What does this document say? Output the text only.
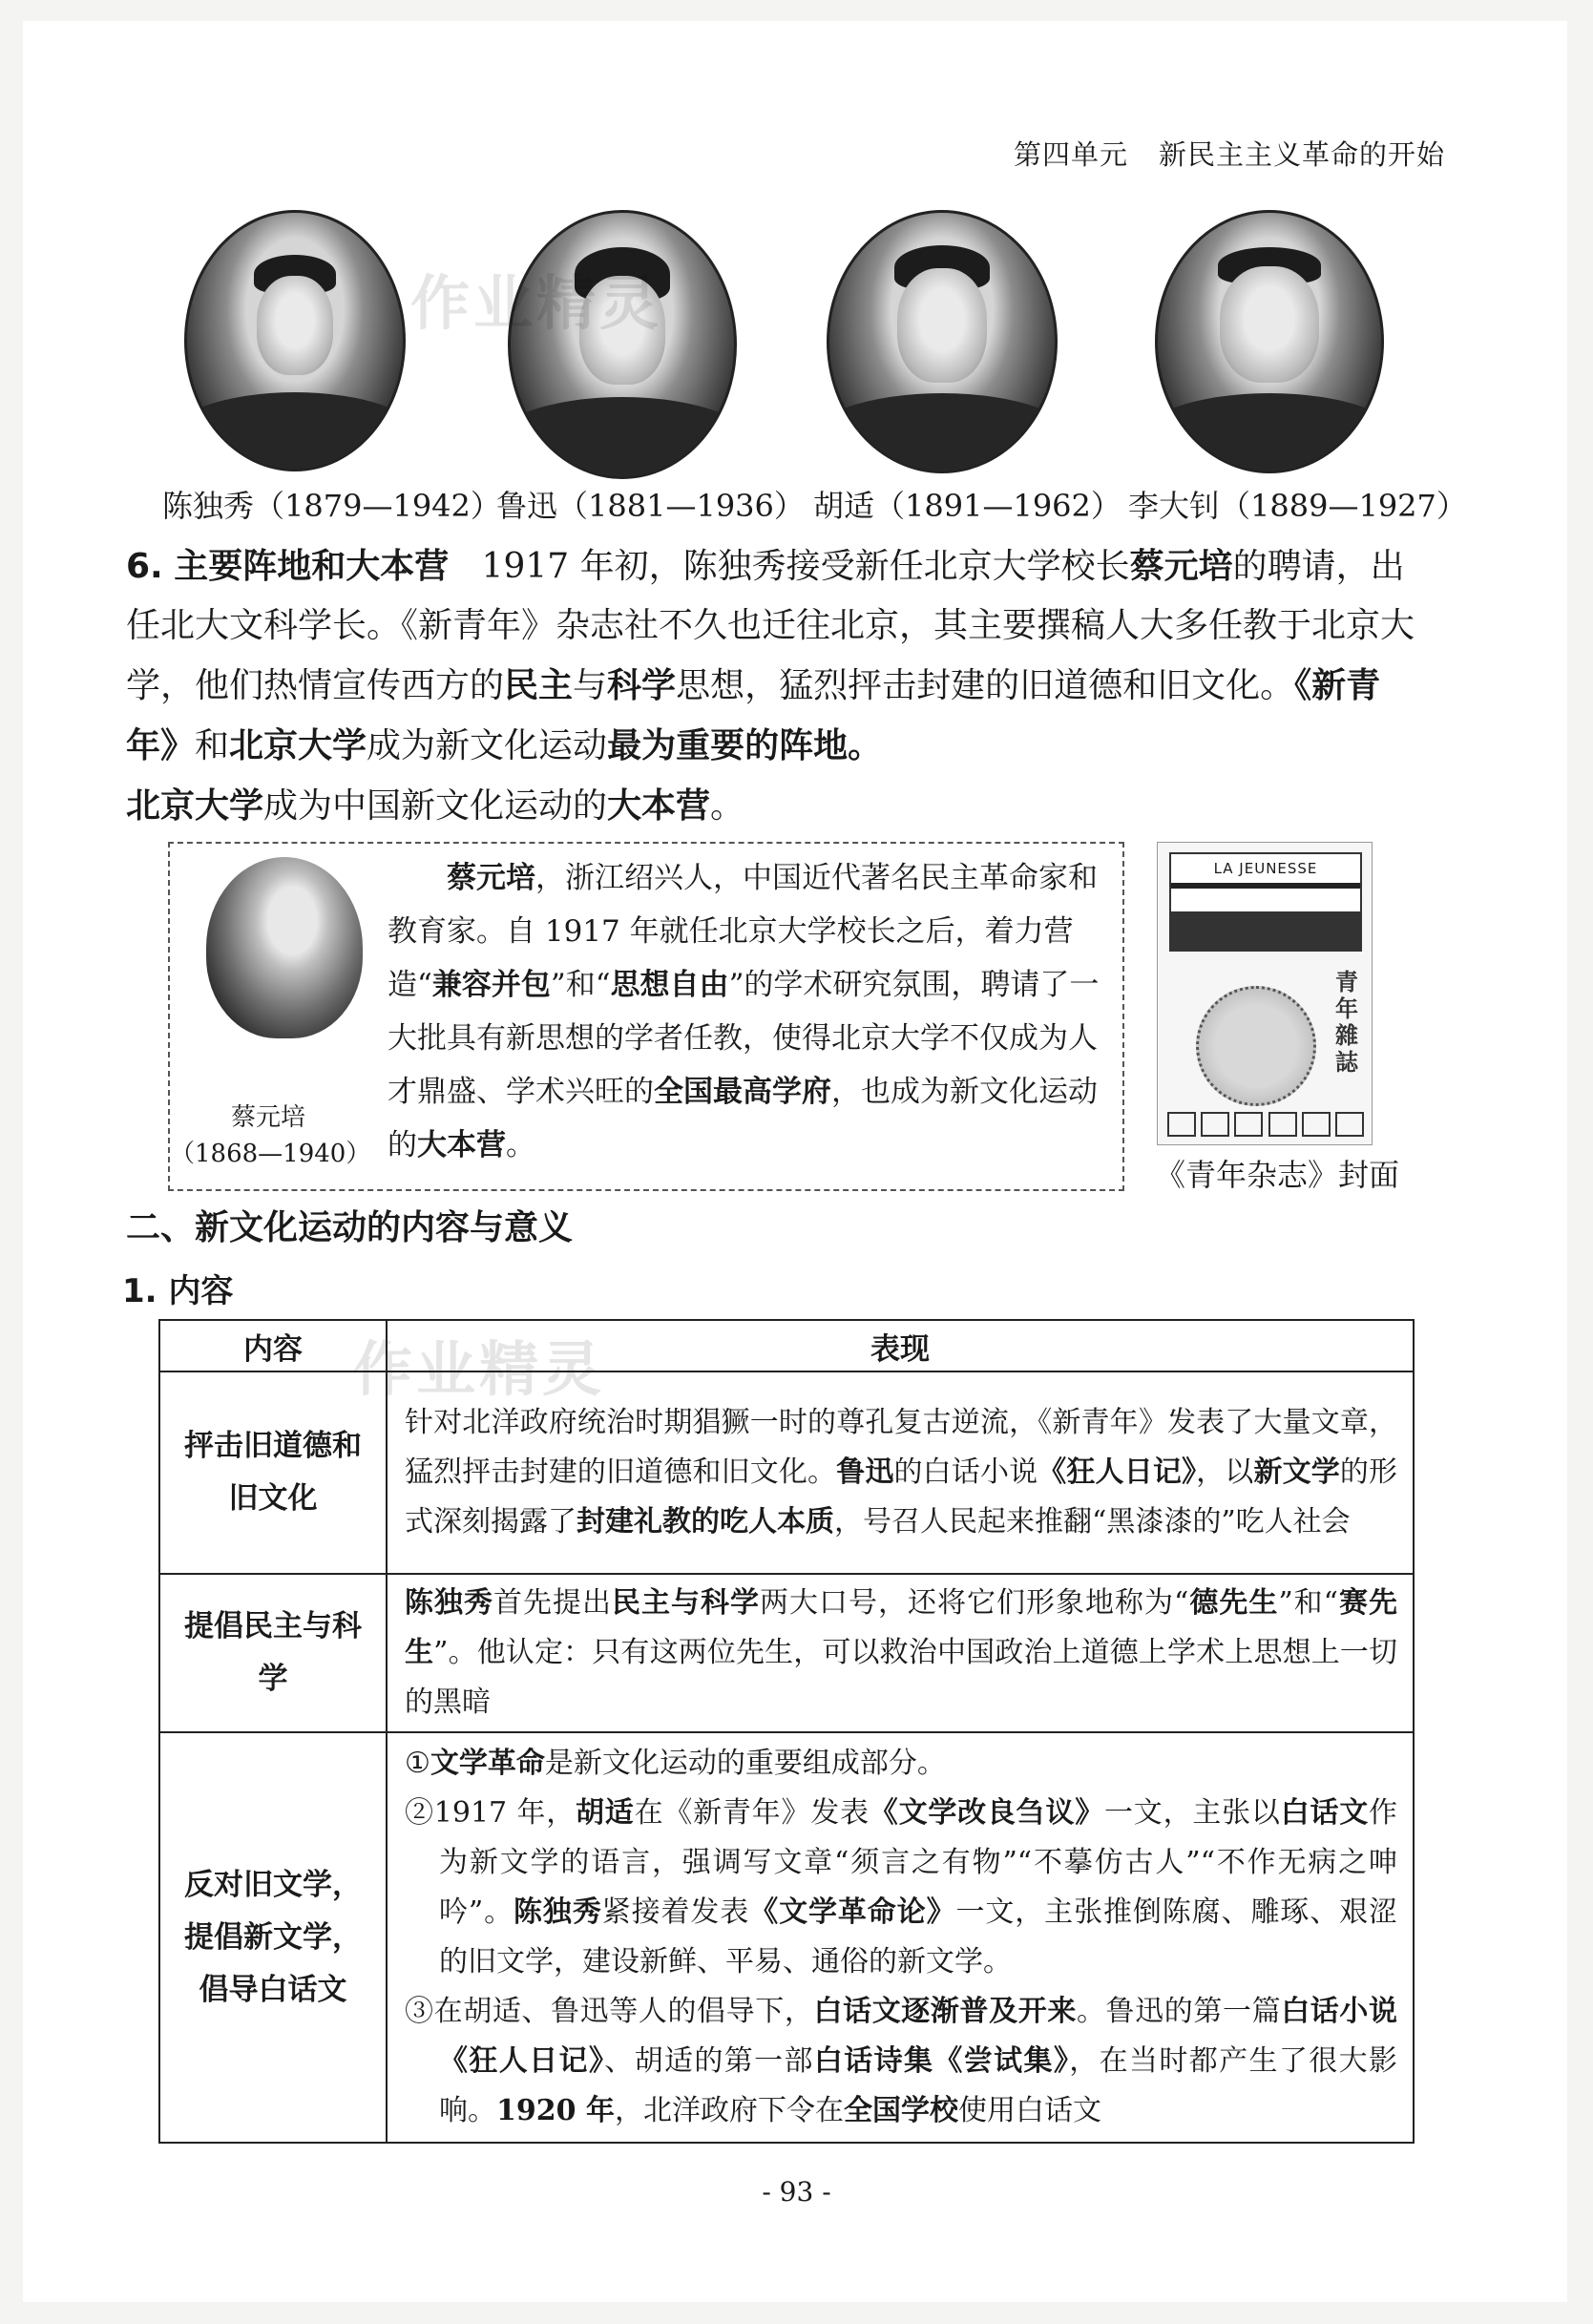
第四单元 新民主主义革命的开始
陈独秀（1879—1942）
鲁迅（1881—1936） 胡适（1891—1962） 李大钊（1889—1927）
作业精灵

6. 主要阵地和大本营 1917 年初，陈独秀接受新任北京大学校长蔡元培的聘请，出任北大文科学长。《新青年》杂志社不久也迁往北京，其主要撰稿人大多任教于北京大学，他们热情宣传西方的民主与科学思想，猛烈抨击封建的旧道德和旧文化。《新青年》和北京大学成为新文化运动最为重要的阵地。

北京大学成为中国新文化运动的大本营。

蔡元培
（1868—1940）
  蔡元培，浙江绍兴人，中国近代著名民主革命家和教育家。自 1917 年就任北京大学校长之后，着力营造“兼容并包”和“思想自由”的学术研究氛围，聘请了一大批具有新思想的学者任教，使得北京大学不仅成为人才鼎盛、学术兴旺的全国最高学府，也成为新文化运动的大本营。
LA JEUNESSE
青年雜誌
《青年杂志》封面
二、新文化运动的内容与意义
1. 内容
作业精灵
内容	表现
抨击旧道德和旧文化	针对北洋政府统治时期猖獗一时的尊孔复古逆流，《新青年》发表了大量文章，猛烈抨击封建的旧道德和旧文化。鲁迅的白话小说《狂人日记》，以新文学的形式深刻揭露了封建礼教的吃人本质，号召人民起来推翻“黑漆漆的”吃人社会

提倡民主与科学	陈独秀首先提出民主与科学两大口号，还将它们形象地称为“德先生”和“赛先生”。他认定：只有这两位先生，可以救治中国政治上道德上学术上思想上一切的黑暗

反对旧文学，提倡新文学，倡导白话文	①文学革命是新文化运动的重要组成部分。

②1917 年，胡适在《新青年》发表《文学改良刍议》一文，主张以白话文作为新文学的语言，强调写文章“须言之有物”“不摹仿古人”“不作无病之呻吟”。陈独秀紧接着发表《文学革命论》一文，主张推倒陈腐、雕琢、艰涩的旧文学，建设新鲜、平易、通俗的新文学。

③在胡适、鲁迅等人的倡导下，白话文逐渐普及开来。鲁迅的第一篇白话小说《狂人日记》、胡适的第一部白话诗集《尝试集》，在当时都产生了很大影响。1920 年，北洋政府下令在全国学校使用白话文

- 93 -
